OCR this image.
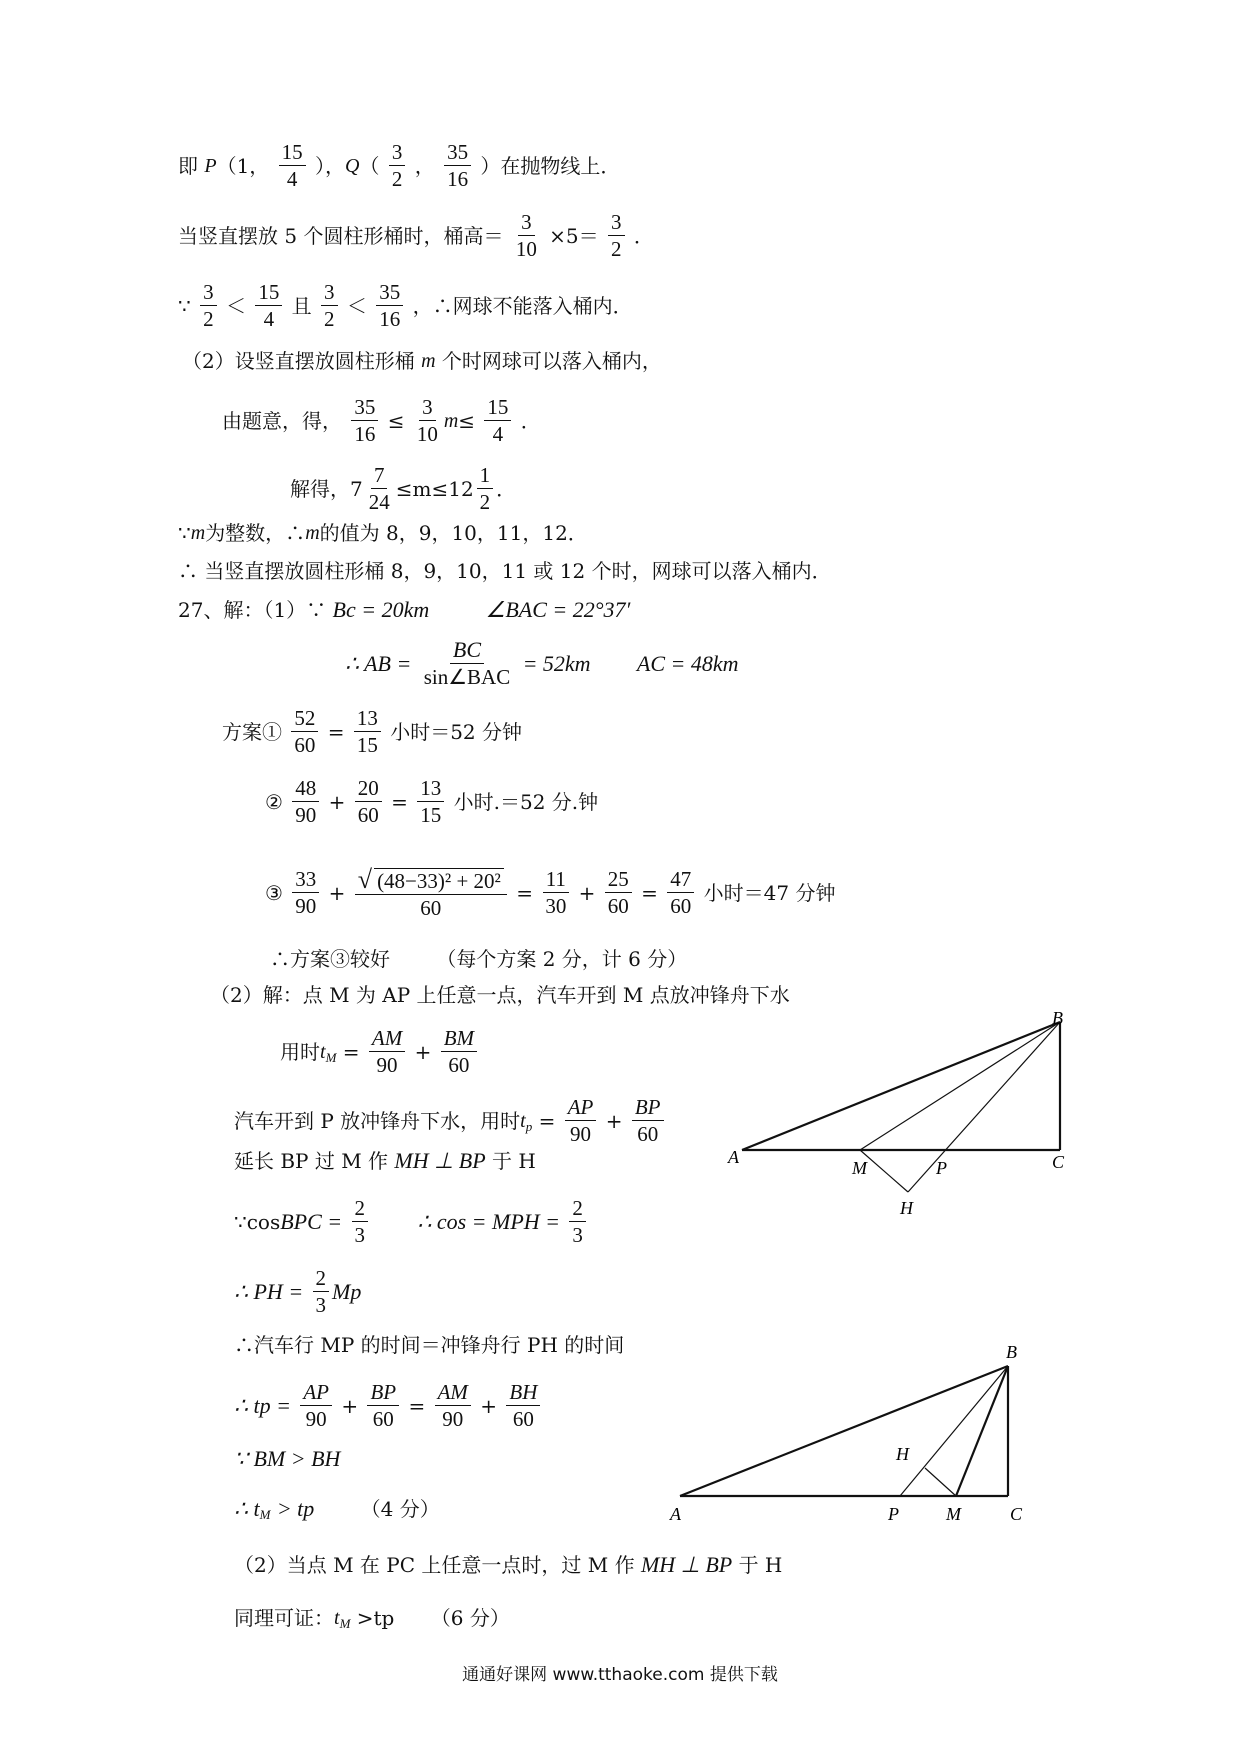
即 P（1， $\frac{15}{4}$ ），$Q( \frac{3}{2}$ ， $\frac{35}{16}$ ）在抛物线上．
当竖直摆放 5 个圆柱形桶时，桶高＝ $\frac{3}{10} \times 5= \frac{3}{2}$ ．
∵ $\frac{3}{2} < \frac{15}{4}$ 且 $\frac{3}{2} < \frac{35}{16}$ ，∴网球不能落入桶内．
（2）设竖直摆放圆柱形桶 m 个时网球可以落入桶内，
由题意，得， $\frac{35}{16} \le \frac{3}{10} m\le \frac{15}{4}$ ．
解得，$7 \frac{7}{24} \le m\le 12 \frac{1}{2}$ ．
∵m为整数，∴m的值为 8，9，10，11，12．
∴ 当竖直摆放圆柱形桶 8，9，10，11 或 12 个时，网球可以落入桶内．
27、解：（1）∵ Bc = 20km	∠BAC = 22°37′
∴ AB = $\frac{BC}{\text{sin∠BAC}} = 52km$ AC = 48km
方案① $\frac{52}{60} = \frac{13}{15}$ 小时＝52 分钟
② $\frac{48}{90} + \frac{20}{60} = \frac{13}{15}$ 小时.＝52 分.钟
③ $\frac{33}{90} + \frac{\text{√ (48−33)² + 20²}}{60} = \frac{11}{30} + \frac{25}{60} = \frac{47}{60}$ 小时＝47 分钟
∴方案③较好 （每个方案 2 分，计 6 分）
（2）解：点 M 为 AP 上任意一点，汽车开到 M 点放冲锋舟下水
用时$t_M = \frac{AM}{90} + \frac{BM}{60}$
汽车开到 P 放冲锋舟下水，用时$t_p = \frac{AP}{90} + \frac{BP}{60}$
延长 BP 过 M 作 MH ⊥ BP 于 H
∵cosBPC = $\frac{2}{3}$ ∴ cos = MPH = $\frac{2}{3}$
∴ PH = $\frac{2}{3}$ Mp
∴汽车行 MP 的时间＝冲锋舟行 PH 的时间
∴ tp = $\frac{AP}{90} + \frac{BP}{60} = \frac{AM}{90} + \frac{BH}{60}$
∵ BM > BH
∴ $t_M$ > tp （4 分）
（2）当点 M 在 PC 上任意一点时，过 M 作 MH ⊥ BP 于 H
同理可证：$t_M >tp$ （6 分）
A
M	P	C
B
H
A	P	M	C
B
H
通通好课网 www.tthaoke.com 提供下载
